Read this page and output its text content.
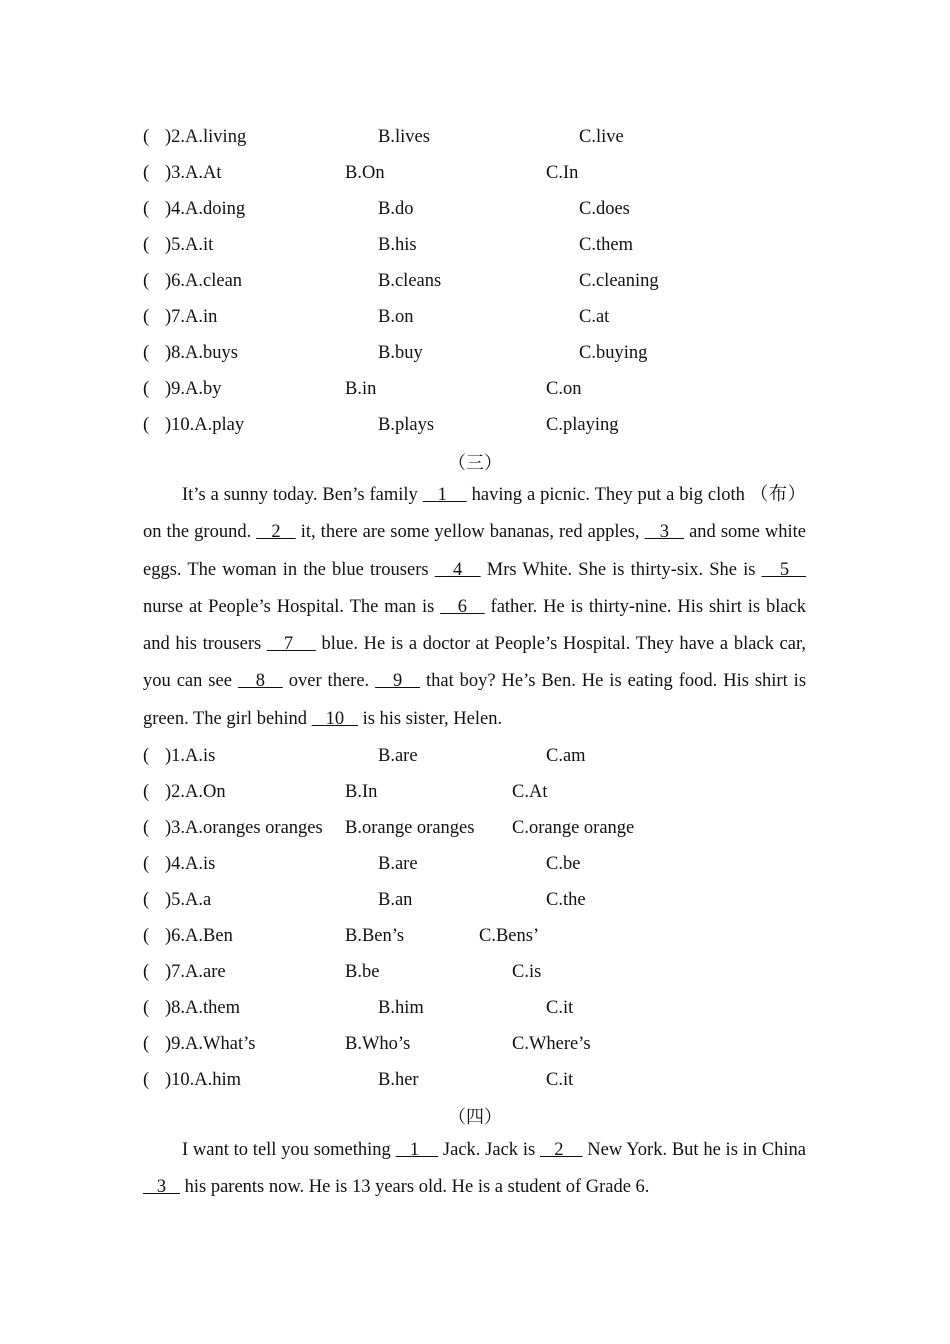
( )2.A.living	B.lives	C.live
( )3.A.At	B.On	C.In
( )4.A.doing	B.do	C.does
( )5.A.it	B.his	C.them
( )6.A.clean	B.cleans	C.cleaning
( )7.A.in	B.on	C.at
( )8.A.buys	B.buy	C.buying
( )9.A.by	B.in	C.on
( )10.A.play	B.plays	C.playing
（三）

It’s a sunny today. Ben’s family    1     having a picnic. They put a big cloth （布）on the ground.    2    it, there are some yellow bananas, red apples,    3    and some white eggs. The woman in the blue trousers    4    Mrs White. She is thirty-six. She is    5    nurse at People’s Hospital. The man is    6    father. He is thirty-nine. His shirt is black and his trousers    7     blue. He is a doctor at People’s Hospital. They have a black car, you can see    8    over there.    9    that boy? He’s Ben. He is eating food. His shirt is green. The girl behind    10    is his sister, Helen.

( )1.A.is	B.are	C.am
( )2.A.On	B.In	C.At
( )3.A.oranges oranges B.orange oranges C.orange orange
( )4.A.is	B.are	C.be
( )5.A.a	B.an	C.the
( )6.A.Ben	B.Ben’s	C.Bens’
( )7.A.are	B.be	C.is
( )8.A.them	B.him	C.it
( )9.A.What’s	B.Who’s	C.Where’s
( )10.A.him	B.her	C.it
（四）

I want to tell you something    1     Jack. Jack is    2     New York. But he is in China    3    his parents now. He is 13 years old. He is a student of Grade 6.
